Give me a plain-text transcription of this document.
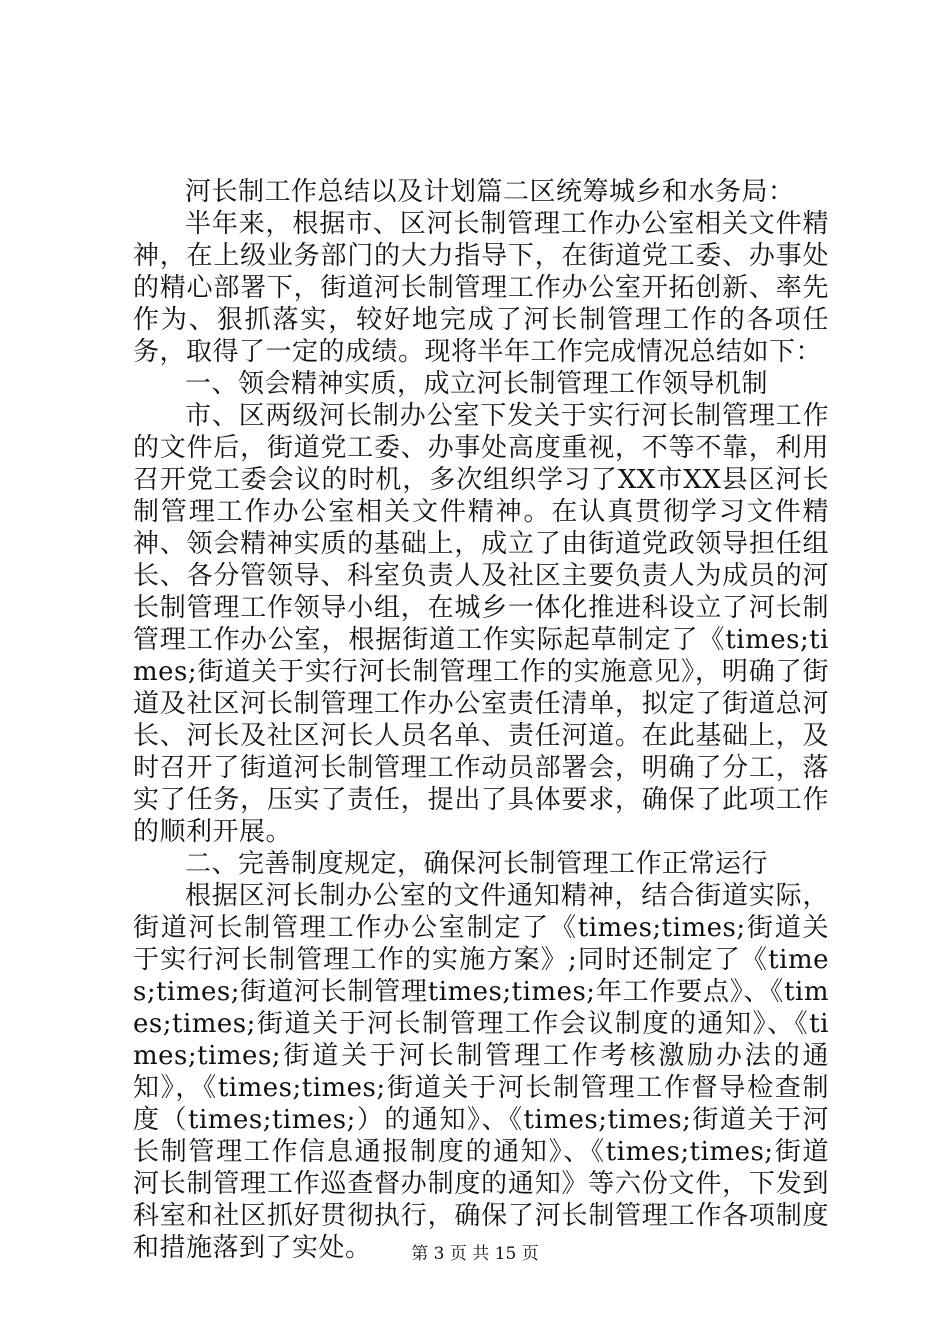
河长制工作总结以及计划篇二区统筹城乡和水务局：

半年来，根据市、区河长制管理工作办公室相关文件精神，在上级业务部门的大力指导下，在街道党工委、办事处的精心部署下，街道河长制管理工作办公室开拓创新、率先作为、狠抓落实，较好地完成了河长制管理工作的各项任务，取得了一定的成绩。现将半年工作完成情况总结如下：

一、领会精神实质，成立河长制管理工作领导机制

市、区两级河长制办公室下发关于实行河长制管理工作的文件后，街道党工委、办事处高度重视，不等不靠，利用召开党工委会议的时机，多次组织学习了XX市XX县区河长制管理工作办公室相关文件精神。在认真贯彻学习文件精神、领会精神实质的基础上，成立了由街道党政领导担任组长、各分管领导、科室负责人及社区主要负责人为成员的河长制管理工作领导小组，在城乡一体化推进科设立了河长制管理工作办公室，根据街道工作实际起草制定了《times;times;街道关于实行河长制管理工作的实施意见》，明确了街道及社区河长制管理工作办公室责任清单，拟定了街道总河长、河长及社区河长人员名单、责任河道。在此基础上，及时召开了街道河长制管理工作动员部署会，明确了分工，落实了任务，压实了责任，提出了具体要求，确保了此项工作的顺利开展。

二、完善制度规定，确保河长制管理工作正常运行

根据区河长制办公室的文件通知精神，结合街道实际，街道河长制管理工作办公室制定了《times;times;街道关于实行河长制管理工作的实施方案》;同时还制定了《times;times;街道河长制管理times;times;年工作要点》、《times;times;街道关于河长制管理工作会议制度的通知》、《times;times;街道关于河长制管理工作考核激励办法的通知》，《times;times;街道关于河长制管理工作督导检查制度（times;times;）的通知》、《times;times;街道关于河长制管理工作信息通报制度的通知》、《times;times;街道河长制管理工作巡查督办制度的通知》等六份文件，下发到科室和社区抓好贯彻执行，确保了河长制管理工作各项制度和措施落到了实处。	第 3 页 共 15 页
